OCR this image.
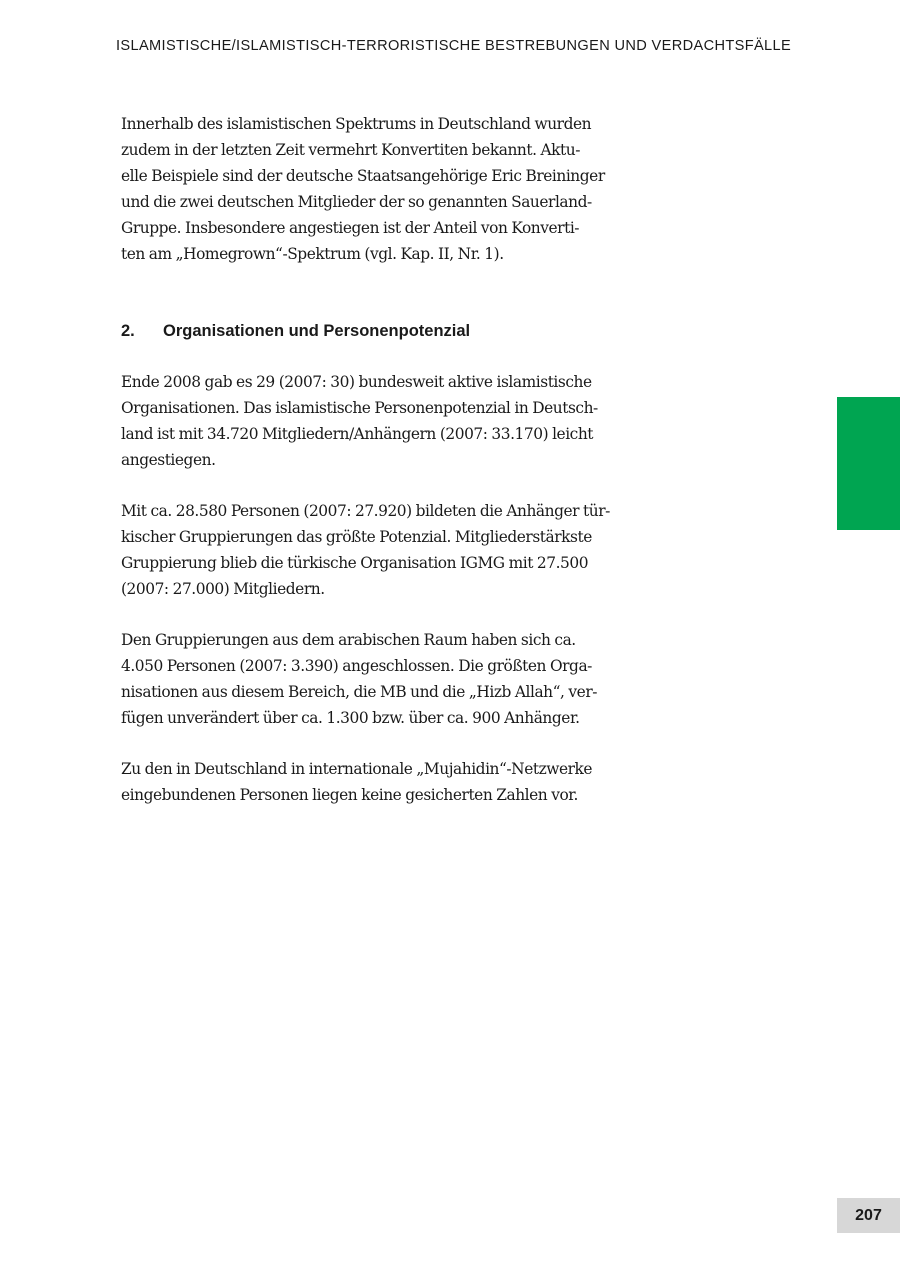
ISLAMISTISCHE/ISLAMISTISCH-TERRORISTISCHE BESTREBUNGEN UND VERDACHTSFÄLLE

Innerhalb des islamistischen Spektrums in Deutschland wurden
zudem in der letzten Zeit vermehrt Konvertiten bekannt. Aktu-
elle Beispiele sind der deutsche Staatsangehörige Eric Breininger
und die zwei deutschen Mitglieder der so genannten Sauerland-
Gruppe. Insbesondere angestiegen ist der Anteil von Konverti-
ten am „Homegrown“-Spektrum (vgl. Kap. II, Nr. 1).

2.	Organisationen und Personenpotenzial

Ende 2008 gab es 29 (2007: 30) bundesweit aktive islamistische
Organisationen. Das islamistische Personenpotenzial in Deutsch-
land ist mit 34.720 Mitgliedern/Anhängern (2007: 33.170) leicht
angestiegen.

Mit ca. 28.580 Personen (2007: 27.920) bildeten die Anhänger tür-
kischer Gruppierungen das größte Potenzial. Mitgliederstärkste
Gruppierung blieb die türkische Organisation IGMG mit 27.500
(2007: 27.000) Mitgliedern.

Den Gruppierungen aus dem arabischen Raum haben sich ca.
4.050 Personen (2007: 3.390) angeschlossen. Die größten Orga-
nisationen aus diesem Bereich, die MB und die „Hizb Allah“, ver-
fügen unverändert über ca. 1.300 bzw. über ca. 900 Anhänger.

Zu den in Deutschland in internationale „Mujahidin“-Netzwerke
eingebundenen Personen liegen keine gesicherten Zahlen vor.

207
